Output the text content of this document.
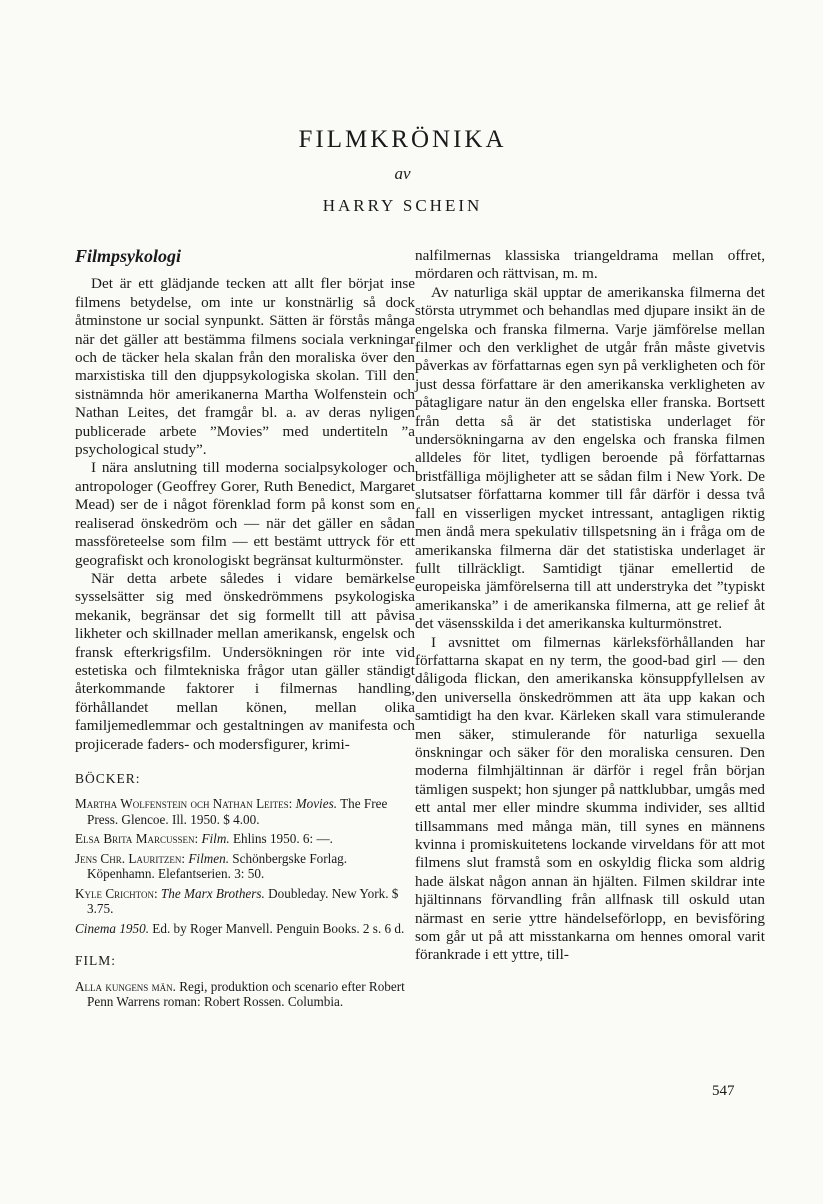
FILMKRÖNIKA
av
HARRY SCHEIN
Filmpsykologi

Det är ett glädjande tecken att allt fler börjat inse filmens betydelse, om inte ur konstnärlig så dock åtminstone ur social synpunkt. Sätten är förstås många när det gäller att bestämma filmens sociala verkningar och de täcker hela skalan från den moraliska över den marxistiska till den djuppsykologiska skolan. Till den sistnämnda hör amerikanerna Martha Wolfenstein och Nathan Leites, det framgår bl. a. av deras nyligen publicerade arbete ”Movies” med undertiteln ”a psychological study”.

I nära anslutning till moderna socialpsykologer och antropologer (Geoffrey Gorer, Ruth Benedict, Margaret Mead) ser de i något förenklad form på konst som en realiserad önskedröm och — när det gäller en sådan massföreteelse som film — ett bestämt uttryck för ett geografiskt och kronologiskt begränsat kulturmönster.

När detta arbete således i vidare bemärkelse sysselsätter sig med önskedrömmens psykologiska mekanik, begränsar det sig formellt till att påvisa likheter och skillnader mellan amerikansk, engelsk och fransk efterkrigsfilm. Undersökningen rör inte vid estetiska och filmtekniska frågor utan gäller ständigt återkommande faktorer i filmernas handling, förhållandet mellan könen, mellan olika familjemedlemmar och gestaltningen av manifesta och projicerade faders- och modersfigurer, krimi-

BÖCKER:
Martha Wolfenstein och Nathan Leites: Movies. The Free Press. Glencoe. Ill. 1950. $ 4.00.
Elsa Brita Marcussen: Film. Ehlins 1950. 6: —.
Jens Chr. Lauritzen: Filmen. Schönbergske Forlag. Köpenhamn. Elefantserien. 3: 50.
Kyle Crichton: The Marx Brothers. Doubleday. New York. $ 3.75.
Cinema 1950. Ed. by Roger Manvell. Penguin Books. 2 s. 6 d.
FILM:
Alla kungens män. Regi, produktion och scenario efter Robert Penn Warrens roman: Robert Rossen. Columbia.

nalfilmernas klassiska triangeldrama mellan offret, mördaren och rättvisan, m. m.

Av naturliga skäl upptar de amerikanska filmerna det största utrymmet och behandlas med djupare insikt än de engelska och franska filmerna. Varje jämförelse mellan filmer och den verklighet de utgår från måste givetvis påverkas av författarnas egen syn på verkligheten och för just dessa författare är den amerikanska verkligheten av påtagligare natur än den engelska eller franska. Bortsett från detta så är det statistiska underlaget för undersökningarna av den engelska och franska filmen alldeles för litet, tydligen beroende på författarnas bristfälliga möjligheter att se sådan film i New York. De slutsatser författarna kommer till får därför i dessa två fall en visserligen mycket intressant, antagligen riktig men ändå mera spekulativ tillspetsning än i fråga om de amerikanska filmerna där det statistiska underlaget är fullt tillräckligt. Samtidigt tjänar emellertid de europeiska jämförelserna till att understryka det ”typiskt amerikanska” i de amerikanska filmerna, att ge relief åt det väsensskilda i det amerikanska kulturmönstret.

I avsnittet om filmernas kärleksförhållanden har författarna skapat en ny term, the good-bad girl — den dåligoda flickan, den amerikanska könsuppfyllelsen av den universella önskedrömmen att äta upp kakan och samtidigt ha den kvar. Kärleken skall vara stimulerande men säker, stimulerande för naturliga sexuella önskningar och säker för den moraliska censuren. Den moderna filmhjältinnan är därför i regel från början tämligen suspekt; hon sjunger på nattklubbar, umgås med ett antal mer eller mindre skumma individer, ses alltid tillsammans med många män, till synes en männens kvinna i promiskuitetens lockande virveldans för att mot filmens slut framstå som en oskyldig flicka som aldrig hade älskat någon annan än hjälten. Filmen skildrar inte hjältinnans förvandling från allfnask till oskuld utan närmast en serie yttre händelseförlopp, en bevisföring som går ut på att misstankarna om hennes omoral varit förankrade i ett yttre, till-

547
